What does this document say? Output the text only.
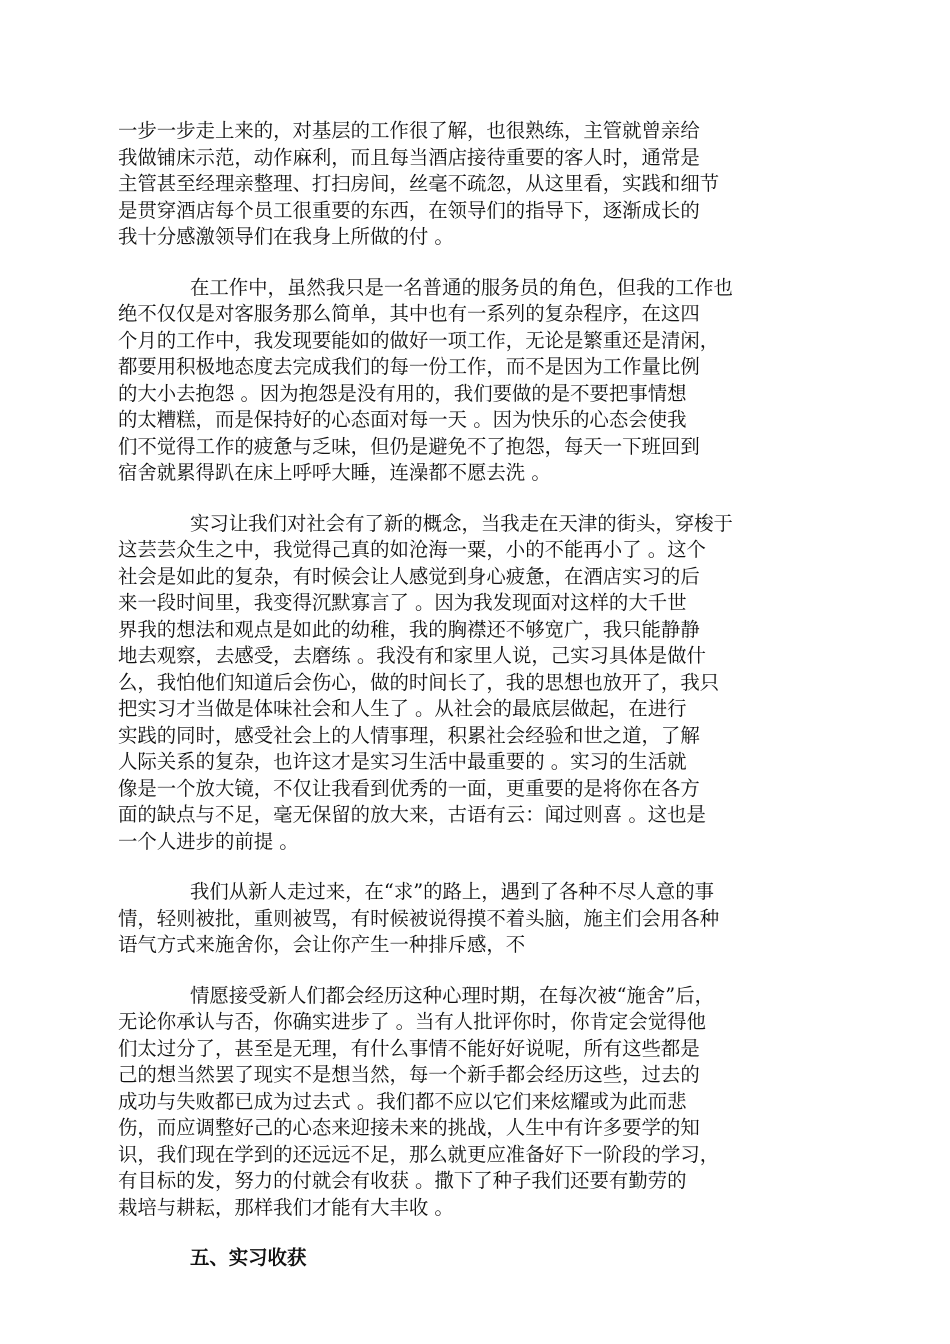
一步一步走上来的，对基层的工作很了解，也很熟练，主管就曾亲给
我做铺床示范，动作麻利，而且每当酒店接待重要的客人时，通常是
主管甚至经理亲整理、打扫房间，丝毫不疏忽，从这里看，实践和细节
是贯穿酒店每个员工很重要的东西，在领导们的指导下，逐渐成长的
我十分感激领导们在我身上所做的付 。
在工作中，虽然我只是一名普通的服务员的角色，但我的工作也
绝不仅仅是对客服务那么简单，其中也有一系列的复杂程序，在这四
个月的工作中，我发现要能如的做好一项工作，无论是繁重还是清闲，
都要用积极地态度去完成我们的每一份工作，而不是因为工作量比例
的大小去抱怨 。因为抱怨是没有用的，我们要做的是不要把事情想
的太糟糕，而是保持好的心态面对每一天 。因为快乐的心态会使我
们不觉得工作的疲惫与乏味，但仍是避免不了抱怨，每天一下班回到
宿舍就累得趴在床上呼呼大睡，连澡都不愿去洗 。
实习让我们对社会有了新的概念，当我走在天津的街头，穿梭于
这芸芸众生之中，我觉得己真的如沧海一粟，小的不能再小了 。这个
社会是如此的复杂，有时候会让人感觉到身心疲惫，在酒店实习的后
来一段时间里，我变得沉默寡言了 。因为我发现面对这样的大千世
界我的想法和观点是如此的幼稚，我的胸襟还不够宽广，我只能静静
地去观察，去感受，去磨练 。我没有和家里人说，己实习具体是做什
么，我怕他们知道后会伤心，做的时间长了，我的思想也放开了，我只
把实习才当做是体味社会和人生了 。从社会的最底层做起，在进行
实践的同时，感受社会上的人情事理，积累社会经验和世之道，了解
人际关系的复杂，也许这才是实习生活中最重要的 。实习的生活就
像是一个放大镜，不仅让我看到优秀的一面，更重要的是将你在各方
面的缺点与不足，毫无保留的放大来，古语有云：闻过则喜 。这也是
一个人进步的前提 。
我们从新人走过来，在“求”的路上，遇到了各种不尽人意的事
情，轻则被批，重则被骂，有时候被说得摸不着头脑，施主们会用各种
语气方式来施舍你，会让你产生一种排斥感，不
情愿接受新人们都会经历这种心理时期，在每次被“施舍”后，
无论你承认与否，你确实进步了 。当有人批评你时，你肯定会觉得他
们太过分了，甚至是无理，有什么事情不能好好说呢，所有这些都是
己的想当然罢了现实不是想当然，每一个新手都会经历这些，过去的
成功与失败都已成为过去式 。我们都不应以它们来炫耀或为此而悲
伤，而应调整好己的心态来迎接未来的挑战，人生中有许多要学的知
识，我们现在学到的还远远不足，那么就更应准备好下一阶段的学习，
有目标的发，努力的付就会有收获 。撒下了种子我们还要有勤劳的
栽培与耕耘，那样我们才能有大丰收 。
五、实习收获
